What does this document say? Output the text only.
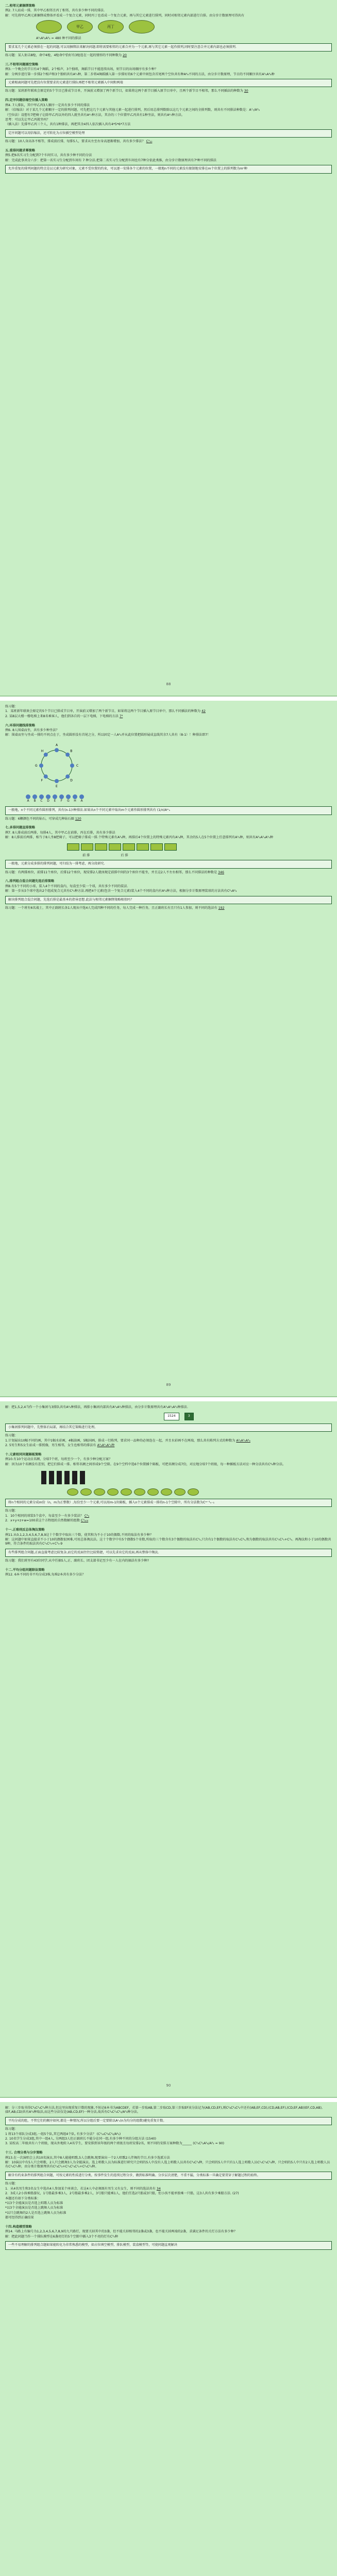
二.相邻元素捆绑策略

例2. 7人站成一排，其中甲乙相邻且丙丁相邻，共有多少种不同的排法.

解：可先将甲乙两元素捆绑成整体并看成一个复合元素，同时丙丁也看成一个复合元素，再与其它元素进行排列，同时对相邻元素内部进行自排。由分步计数原理可得共有

甲乙	丙丁

A⁵₅A²₂A²₂ = 480 种不同的排法

要求某几个元素必须排在一起的问题,可以用捆绑法来解决问题.即将需要相邻的元素合并为一个元素,再与其它元素一起作排列,同时要注意合并元素内部也必须排列.

练习题：某人射击8枪，命中4枪，4枪命中恰好有3枪连在一起的情形的不同种数为 20

三.不相邻问题插空策略

例3.一个晚会的节目有4个舞蹈，2个相声，3个独唱，舞蹈节目不能连续出场，则节目的出场顺序有多少种？

解：分两步进行第一步排2个相声和3个独唱共有A⁵₅种，第二步将4舞蹈插入第一步排好的6个元素中间包含首尾两个空位共有种A⁴₆不同的方法，由分步计数原理，节目的不同顺序共有A⁵₅A⁴₆种

元素相离问题可先把没有位置要求的元素进行排队再把不相邻元素插入中间和两端

练习题：某班新年联欢会原定的5个节目已排成节目单，开演前又增加了两个新节目，如果将这两个新节目插入原节目单中，且两个新节目不相邻，那么不同插法的种数为 30

四.定序问题倍缩空位插入策略

例4. 7人排队，其中甲乙丙3人顺序一定共有多少不同的排法

解：（倍缩法）对于某几个元素顺序一定的排列问题，可先把这几个元素与其他元素一起进行排列，然后用总排列数除以这几个元素之间的全排列数，则共有不同排法种数是：A⁷₇/A³₃

（空位法）设想有7把椅子让除甲乙丙以外的四人就坐共有A⁴₇种方法，其余的三个位置甲乙丙共有1种坐法，则共有A⁴₇种方法。

思考：可以先让甲乙丙就坐吗？

（插入法）先排甲乙丙三个人，共有1种排法，再把其余4四人依次插入共有4*5*6*7方法

定序问题可以用倍缩法，还可转化为占位插空模型处理

练习题：10人身高各不相等，排成前后排，每排5人，要求从左至右身高逐渐增加，共有多少排法？ C⁵₁₀

五.重排问题求幂策略

例5.把6名实习生分配到7个车间实习，共有多少种不同的分法

解：完成此事共分六步：把第一名实习生分配到车间有 7 种分法.把第二名实习生分配到车间也有7种分依此类推，由分步计数原理共有7⁶种不同的排法

允许重复的排列问题的特点是以元素为研究对象，元素不受位置的约束，可以逐一安排各个元素的位置，一般地n不同的元素没有限制地安排在m个位置上的排列数为mⁿ种
88

练习题：

1．某班新年联欢会原定的5个节目已排成节目单，开演前又增加了两个新节目，如果将这两个节目插入原节目单中，那么不同插法的种数为 42

2. 某8层大楼一楼电梯上来8名乘客人，他们到各自的一层下电梯，下电梯的方法 7⁸

六.环排问题线排策略

例6. 8人围桌而坐，共有多少种坐法？

解：围桌而坐与坐成一排的不同点在于，坐成圆形没有首尾之分，所以固定一人A⁴₄并从此位置把圆形展成直线其余7人共有（8-1）！种排法即7！

A
B
C
D
E
F
G
H
A B C D E F G H A
一般地，n个不同元素作圆形排列，共有(n-1)!种排法.如果从n个不同元素中取出m个元素作圆形排列共有 (1/n)Aᵐₙ

练习题：6颗颜色不同的钻石，可穿成几种钻石圈 120

七.多排问题直排策略

例7. 8人排成前后两排，每排4人，其中甲乙在前排，丙在后排，共有多少排法

解：8人排前后两排，相当于8人坐8把椅子，可以把椅子排成一排.个特殊元素有A²₄种，再排后4个位置上的特殊元素丙有A¹₄种，其余的5人在5个位置上任意排列有A⁵₅种，则共有A²₄A¹₄A⁵₅种

前 排	后 排
一般地，元素分成多排的排列问题，可归结为一排考虑，再分段研究.

练习题：有两排座位，前排11个座位，后排12个座位，现安排2人就座规定前排中间的3个座位不能坐，并且这2人不左右相邻，那么不同排法的种数是 346

八.排列组合混合问题先选后排策略

例8.有5个不同的小球，装入4个不同的盒内，每盒至少装一个球，共有多少不同的装法.

解：第一步从5个球中选出2个组成复合元共有C²₅种方法.再把4个元素(包含一个复合元素)装入4个不同的盒内有A⁴₄种方法，根据分步计数原理装球的方法共有C²₅A⁴₄

解决排列组合混合问题，先选后排是最基本的指导思想.此法与相邻元素捆绑策略相似吗？

练习题：一个班有6名战士，其中正副班长各1人现从中选4人完成四种不同的任务，每人完成一种任务，且正副班长有且只有1人参加，则不同的选法有 192

89

解：把1,5,2,4当作一个小集团与3排队共有A²₂种排法，再排小集团内部共有A²₂A²₂种排法，由分步计数原理共有A²₂A²₂A²₂种排法.

1524	3
小集团排列问题中，先整体后局部，再结合其它策略进行处理。

练习题：

1.计划展出10幅不同的画，其中1幅水彩画，4幅油画，5幅国画，排成一行陈列，要求同一品种的必须连在一起，并且水彩画不在两端，那么共有陈列方式的种数为 A²₂A⁵₅A⁴₄

2. 5男生和5女生站成一排照像，男生相邻，女生也相邻的排法有 A²₂A⁵₅A⁵₅种

十.元素相同问题隔板策略

例10.有10个运动员名额，分给7个班，每班至少一个，有多少种分配方案？

解：因为10个名额没有差别，把它们排成一排。相邻名额之间形成9个空隙。在9个空档中选6个位置插个隔板，可把名额分成7份，对应地分给7个班级，每一种插板方法对应一种分法共有C⁶₉种分法。

将n个相同的元素分成m份（n，m为正整数）,每份至少一个元素,可以用m-1块隔板，插入n个元素排成一排的n-1个空隙中，所有分法数为Cᵐ⁻¹ₙ₋₁

练习题：

1．10个相同的球装5个盒中，每盒至少一有多少装法？ C⁴₉

2．x+y+z+w=100求这个方程组的自然数解的组数 C³₁₀₃

十一.正难则反总体淘汰策略

例11.从0,1,2,3,4,5,6,7,8,9这十个数字中取出三个数，使其和为不小于10的偶数,不同的取法有多少种？

解：这问题中如果直接求不小于10的偶数很困难,可用总体淘汰法。这十个数字中有5个偶数5个奇数,所取的三个数含有3个偶数的取法有C³₅,只含有1个偶数的取法有C¹₅C²₅,和为偶数的取法共有C¹₅C²₅+C³₅。再淘汰和小于10的偶数共9种，符合条件的取法共有C¹₅C²₅+C³₅-9

有些排列组合问题,正面直接考虑比较复杂,而它的反面往往比较简捷，可以先求出它的反面,再从整体中淘汰.

练习题：我们班里有43位同学,从中任抽5人,正、副班长、团支部书记至少有一人在内的抽法有多少种?

十二.平均分组问题除法策略

例12. 6本不同的书平均分成3堆,每堆2本共有多少分法？

90

解：分三步取书得C²₆C²₄C²₂种方法,但这里出现重复计数的现象,不妨记6本书为ABCDEF，若第一步取AB,第二步取CD,第三步取EF该分法记为(AB,CD,EF),则C²₆C²₄C²₂中还有(AB,EF,CD),(CD,AB,EF),(CD,EF,AB)(EF,CD,AB),(EF,AB,CD)共有A³₃种取法,而这些分法仅是(AB,CD,EF)一种分法,故共有C²₆C²₄C²₂/A³₃种分法。

平均分成的组，不管它们的顺序如何,都是一种情况,所以分组后要一定要除以Aⁿₙ(n为均分的组数)避免重复计数。

练习题：

1 将13个球队分成3组,一组5个队,其它两组4个队, 有多少分法？ (C⁵₁₃C⁴₈C⁴₄/A²₂)

2. 10名学生分成3组,其中一组4人, 另两组3人但正副班长不能分在同一组,有多少种不同的分组方法 (1540)

3. 某校高二年级共有六个班级，现从外地转入4名学生，要安排到该年级的两个班级且每班安排2名，则不同的安排方案种数为______ (C²₄C²₂A²₆/A²₂ = 90)

十三. 合理分类与分步策略

例13.在一次演唱会上共10名演员,其中8人能能唱歌,5人会跳舞,现要演出一个2人唱歌2人伴舞的节目,有多少选派方法

解：10演员中有5人只会唱歌，2人只会跳舞3人为全能演员。选上唱歌人员为标准进行研究只会唱的5人中没有人选上唱歌人员共有C²₃C²₃种，只会唱的5人中只有1人选上唱歌人员C¹₅C¹₃C²₄种，只会唱的5人中只有2人选上唱歌人员有C²₅C²₅种，由分类计数原理共有C²₃C²₃+C¹₅C¹₃C²₄+C²₅C²₅种。

解含有约束条件的排列组合问题，可按元素的性质进行分类，按事件发生的连续过程分步，做到标准明确。分步层次清楚，不重不漏，分类标准一旦确定要贯穿于解题过程的始终。

练习题：

1．从4名男生和3名女生中选出4人参加某个座谈会，若这4人中必须既有男生又有女生，则不同的选法共有 34

2．3成人2小孩乘船游玩，1号船最多乘3人，2号船最多乘2人，3号船只能乘1人，他们任选2只船或3只船，但小孩不能单独乘一只船，这3人共有多少乘船方法. (27)

本题还有如下分类标准：

*以3个全能演员是否选上唱歌人员为标准

*以3个全能演员是否选上跳舞人员为标准

*以只会跳舞的2人是否选上跳舞人员为标准

都可经得到正确结果

十四.构造模型策略

例14. 马路上有编号为1,2,3,4,5,6,7,8,9的九只路灯，现要关掉其中的3盏，但不能关掉相邻的2盏或3盏，也不能关掉两端的2盏，求满足条件的关灯方法有多少种？

解：把此问题当作一个排队模型在6盏亮灯的5个空隙中插入3个不亮的灯有C³₅种

一些不易理解的排列组合题如果能转化为非常熟悉的模型，如占位填空模型，排队模型，装盒模型等，可使问题直观解决
